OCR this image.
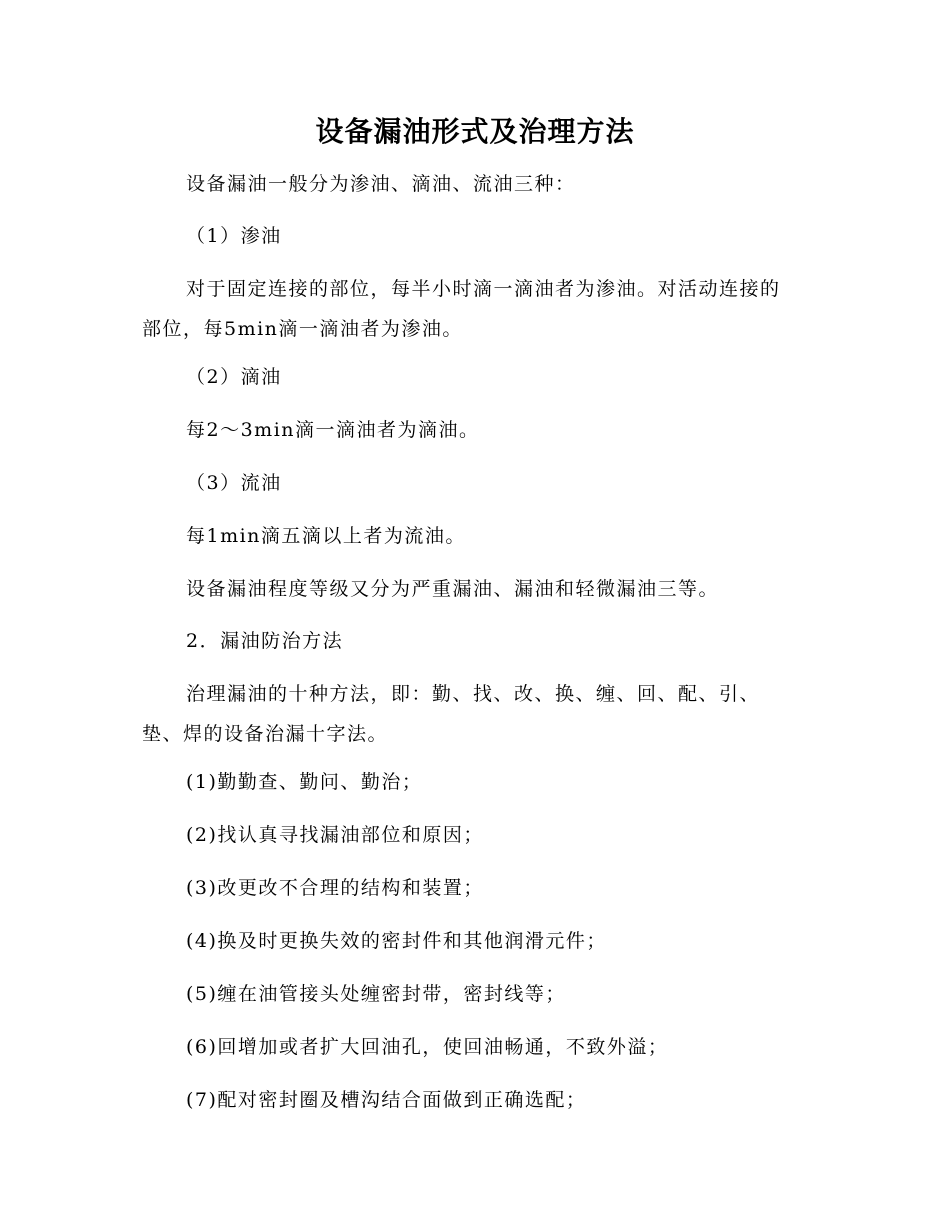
设备漏油形式及治理方法
设备漏油一般分为渗油、滴油、流油三种：
（1）渗油
对于固定连接的部位，每半小时滴一滴油者为渗油。对活动连接的部位，每5min滴一滴油者为渗油。
（2）滴油
每2～3min滴一滴油者为滴油。
（3）流油
每1min滴五滴以上者为流油。
设备漏油程度等级又分为严重漏油、漏油和轻微漏油三等。
2．漏油防治方法
治理漏油的十种方法，即：勤、找、改、换、缠、回、配、引、垫、焊的设备治漏十字法。
(1)勤勤查、勤问、勤治；
(2)找认真寻找漏油部位和原因；
(3)改更改不合理的结构和装置；
(4)换及时更换失效的密封件和其他润滑元件；
(5)缠在油管接头处缠密封带，密封线等；
(6)回增加或者扩大回油孔，使回油畅通，不致外溢；
(7)配对密封圈及槽沟结合面做到正确选配；
